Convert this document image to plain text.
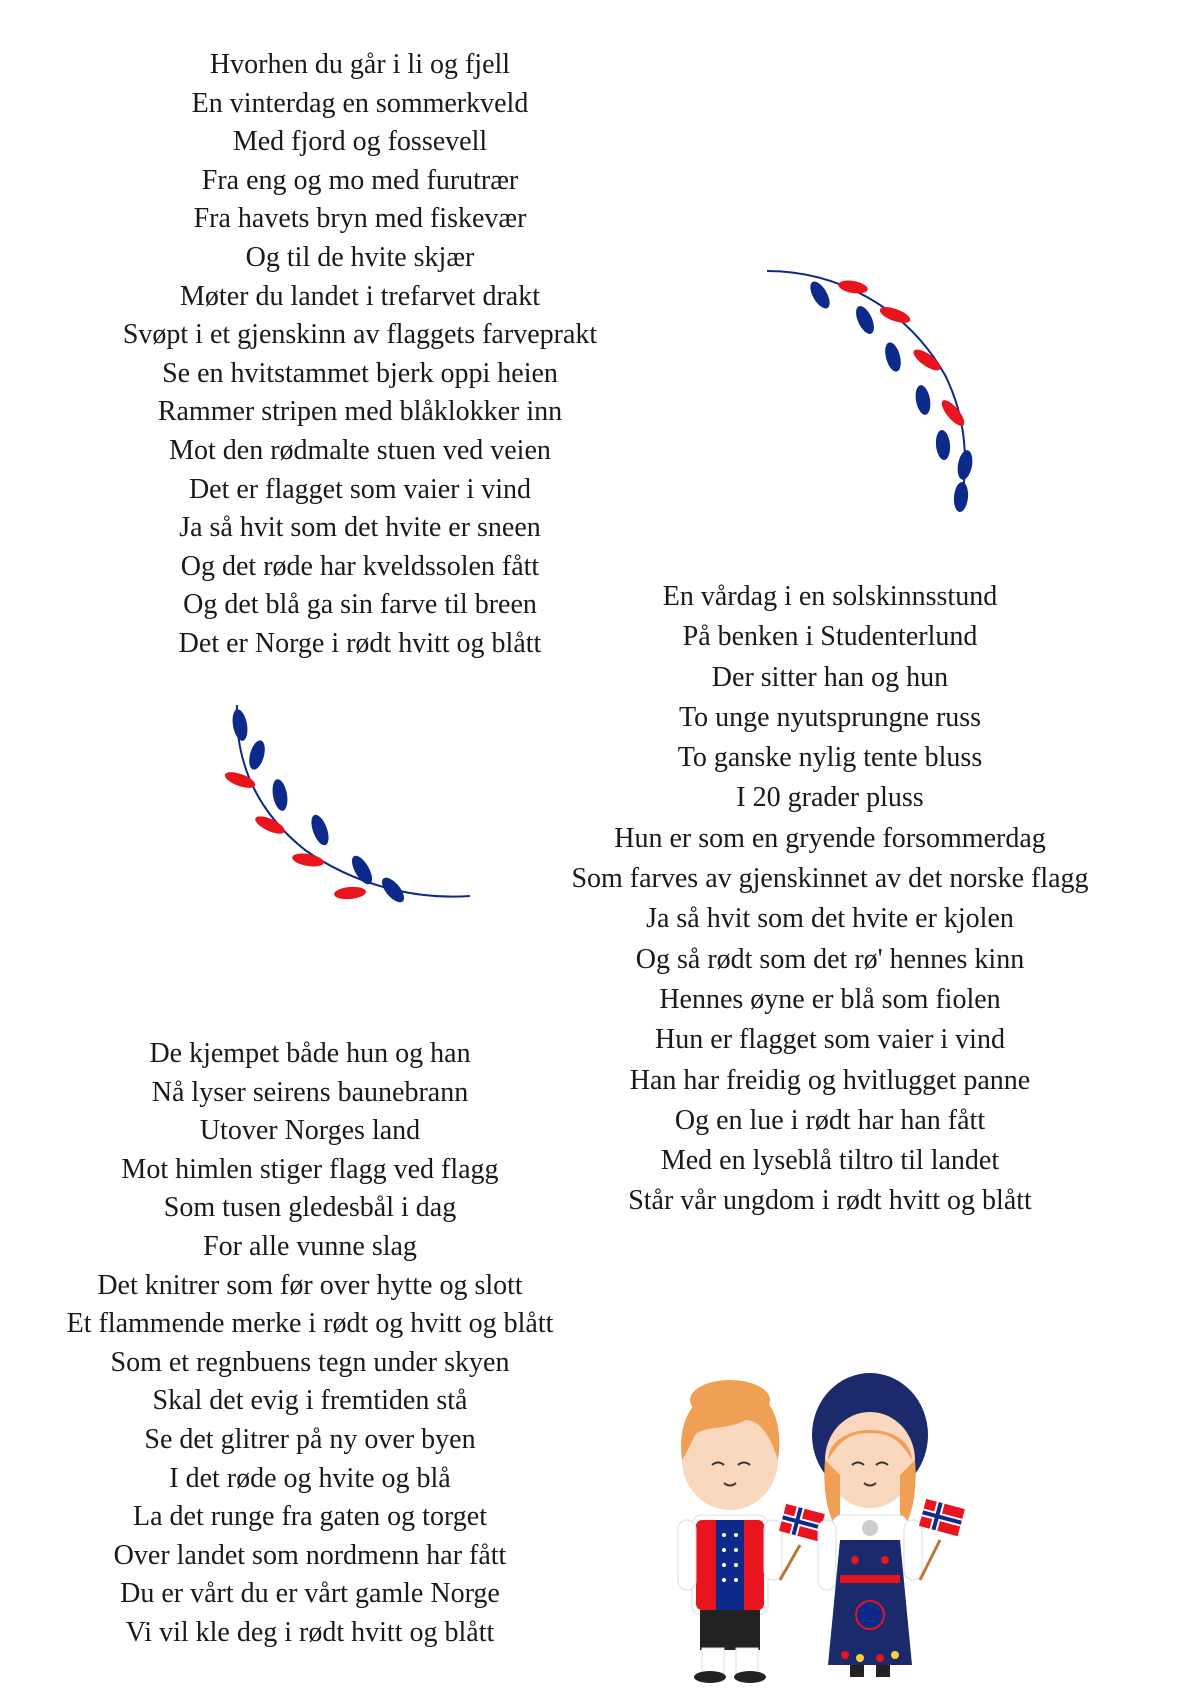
Hvorhen du går i li og fjell
En vinterdag en sommerkveld
Med fjord og fossevell
Fra eng og mo med furutrær
Fra havets bryn med fiskevær
Og til de hvite skjær
Møter du landet i trefarvet drakt
Svøpt i et gjenskinn av flaggets farveprakt
Se en hvitstammet bjerk oppi heien
Rammer stripen med blåklokker inn
Mot den rødmalte stuen ved veien
Det er flagget som vaier i vind
Ja så hvit som det hvite er sneen
Og det røde har kveldssolen fått
Og det blå ga sin farve til breen
Det er Norge i rødt hvitt og blått
En vårdag i en solskinnsstund
På benken i Studenterlund
Der sitter han og hun
To unge nyutsprungne russ
To ganske nylig tente bluss
I 20 grader pluss
Hun er som en gryende forsommerdag
Som farves av gjenskinnet av det norske flagg
Ja så hvit som det hvite er kjolen
Og så rødt som det rø' hennes kinn
Hennes øyne er blå som fiolen
Hun er flagget som vaier i vind
Han har freidig og hvitlugget panne
Og en lue i rødt har han fått
Med en lyseblå tiltro til landet
Står vår ungdom i rødt hvitt og blått
De kjempet både hun og han
Nå lyser seirens baunebrann
Utover Norges land
Mot himlen stiger flagg ved flagg
Som tusen gledesbål i dag
For alle vunne slag
Det knitrer som før over hytte og slott
Et flammende merke i rødt og hvitt og blått
Som et regnbuens tegn under skyen
Skal det evig i fremtiden stå
Se det glitrer på ny over byen
I det røde og hvite og blå
La det runge fra gaten og torget
Over landet som nordmenn har fått
Du er vårt du er vårt gamle Norge
Vi vil kle deg i rødt hvitt og blått
